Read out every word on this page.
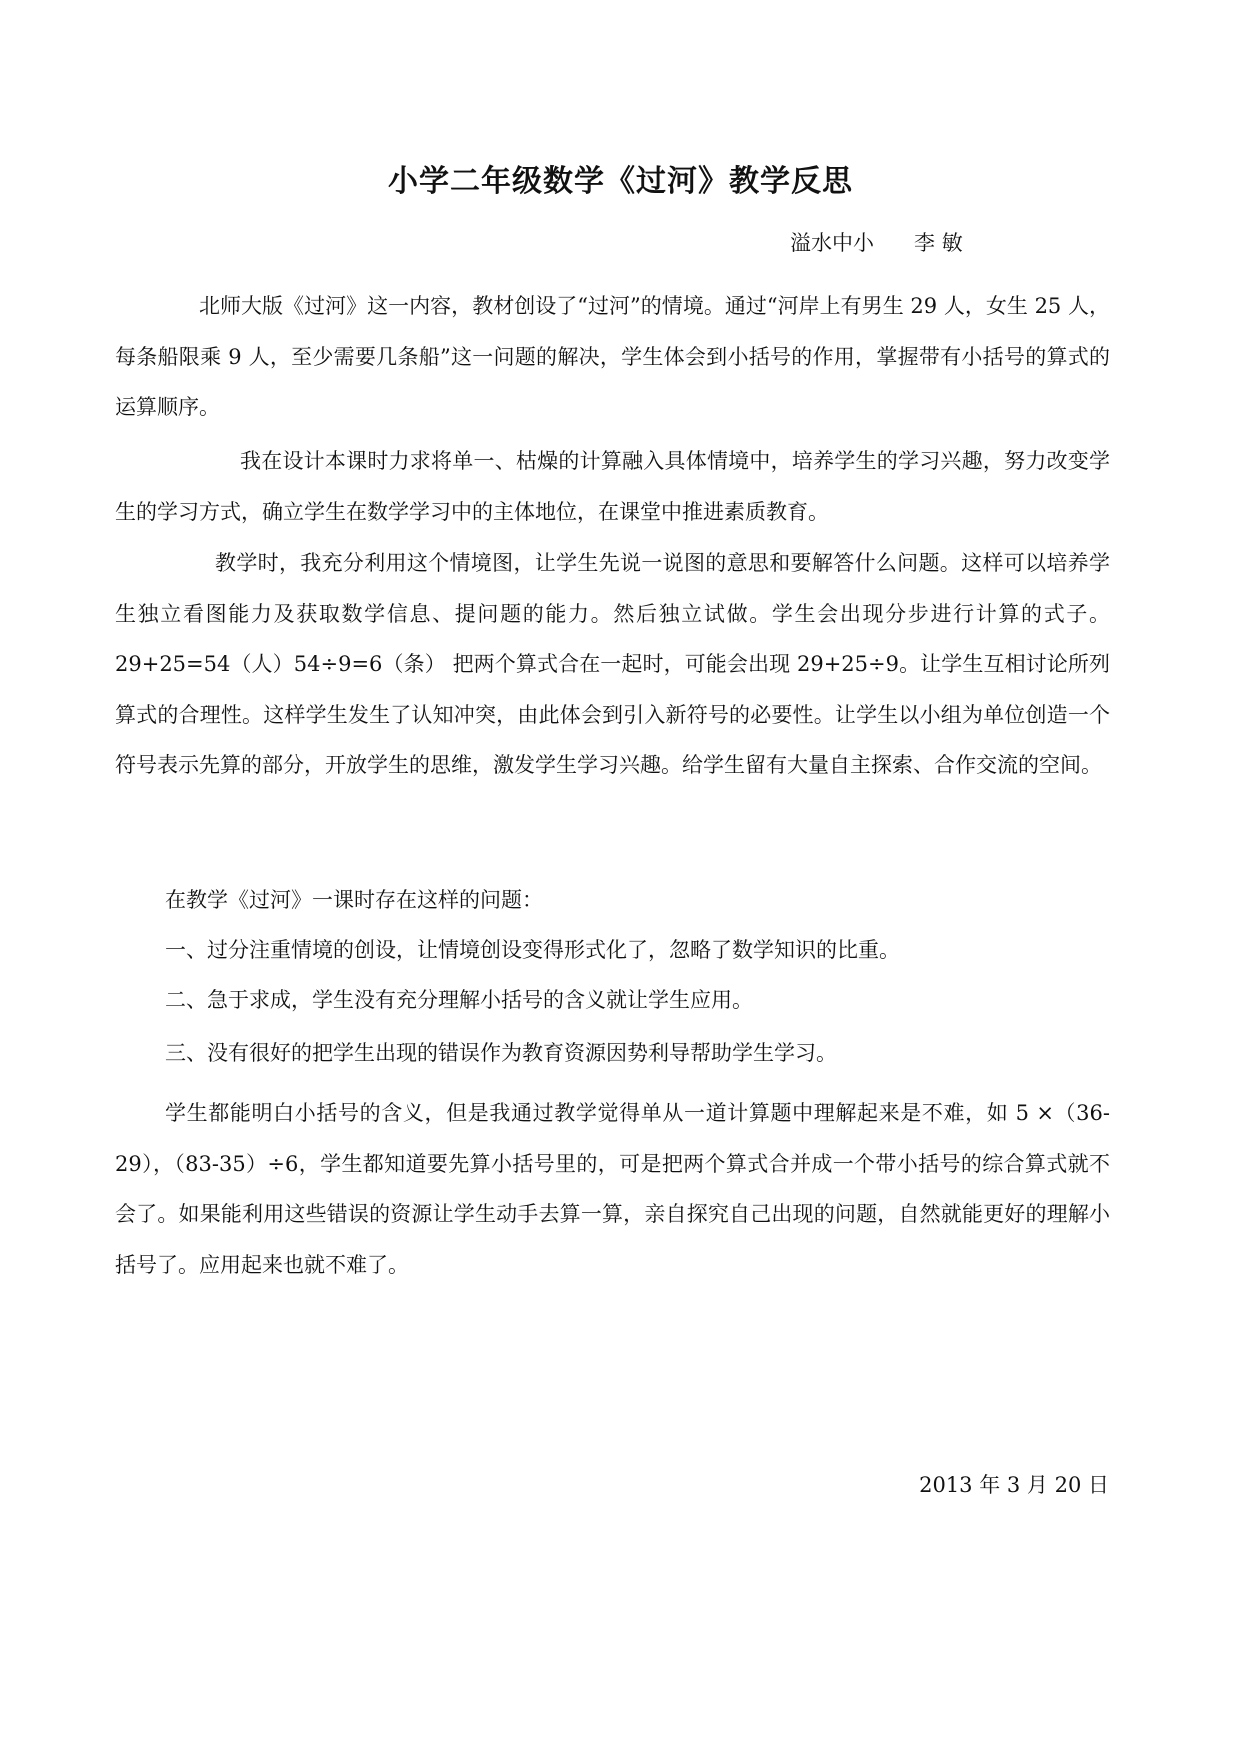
小学二年级数学《过河》教学反思
溢水中小      李 敏

北师大版《过河》这一内容，教材创设了“过河”的情境。通过“河岸上有男生 29 人，女生 25 人，每条船限乘 9 人，至少需要几条船”这一问题的解决，学生体会到小括号的作用，掌握带有小括号的算式的运算顺序。

我在设计本课时力求将单一、枯燥的计算融入具体情境中，培养学生的学习兴趣，努力改变学生的学习方式，确立学生在数学学习中的主体地位，在课堂中推进素质教育。

教学时，我充分利用这个情境图，让学生先说一说图的意思和要解答什么问题。这样可以培养学生独立看图能力及获取数学信息、提问题的能力。然后独立试做。学生会出现分步进行计算的式子。29+25=54（人）54÷9=6（条） 把两个算式合在一起时，可能会出现 29+25÷9。让学生互相讨论所列算式的合理性。这样学生发生了认知冲突，由此体会到引入新符号的必要性。让学生以小组为单位创造一个符号表示先算的部分，开放学生的思维，激发学生学习兴趣。给学生留有大量自主探索、合作交流的空间。

在教学《过河》一课时存在这样的问题：

一、过分注重情境的创设，让情境创设变得形式化了，忽略了数学知识的比重。

二、急于求成，学生没有充分理解小括号的含义就让学生应用。

三、没有很好的把学生出现的错误作为教育资源因势利导帮助学生学习。

学生都能明白小括号的含义，但是我通过教学觉得单从一道计算题中理解起来是不难，如 5 ×（36-29），（83-35）÷6，学生都知道要先算小括号里的，可是把两个算式合并成一个带小括号的综合算式就不会了。如果能利用这些错误的资源让学生动手去算一算，亲自探究自己出现的问题，自然就能更好的理解小括号了。应用起来也就不难了。

2013 年 3 月 20 日
